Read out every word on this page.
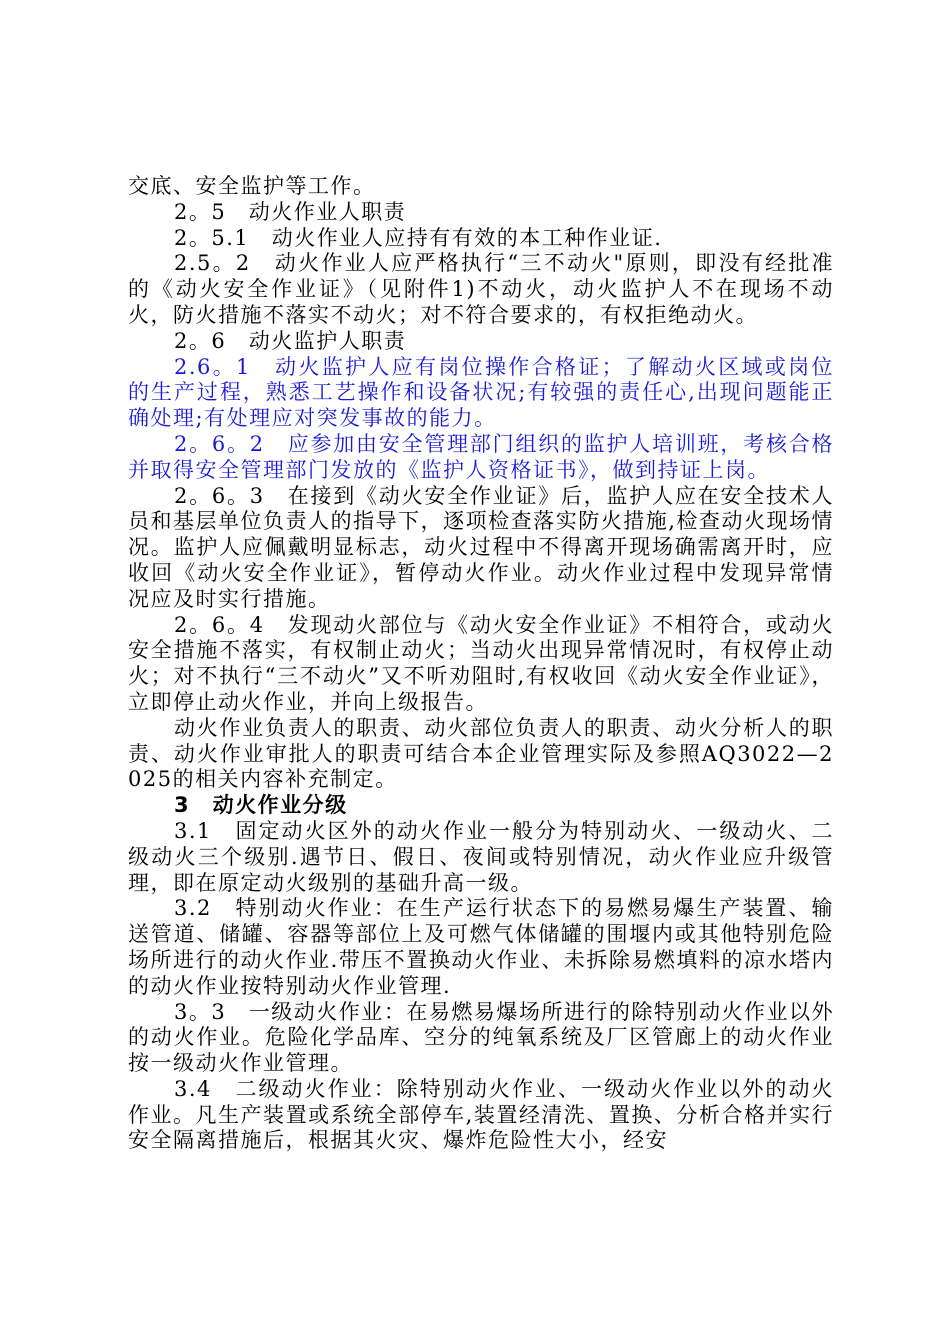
交底、安全监护等工作。

2。5　动火作业人职责

2。5.1　动火作业人应持有有效的本工种作业证.

2.5。2　动火作业人应严格执行“三不动火"原则，即没有经批准的《动火安全作业证》（见附件1)不动火，动火监护人不在现场不动火，防火措施不落实不动火；对不符合要求的，有权拒绝动火。

2。6　动火监护人职责

2.6。1　动火监护人应有岗位操作合格证；了解动火区域或岗位的生产过程，熟悉工艺操作和设备状况;有较强的责任心,出现问题能正确处理;有处理应对突发事故的能力。

2。6。2　应参加由安全管理部门组织的监护人培训班，考核合格并取得安全管理部门发放的《监护人资格证书》，做到持证上岗。

2。6。3　在接到《动火安全作业证》后，监护人应在安全技术人员和基层单位负责人的指导下，逐项检查落实防火措施,检查动火现场情况。监护人应佩戴明显标志，动火过程中不得离开现场确需离开时，应收回《动火安全作业证》，暂停动火作业。动火作业过程中发现异常情况应及时实行措施。

2。6。4　发现动火部位与《动火安全作业证》不相符合，或动火安全措施不落实，有权制止动火；当动火出现异常情况时，有权停止动火；对不执行“三不动火”又不听劝阻时,有权收回《动火安全作业证》，立即停止动火作业，并向上级报告。

动火作业负责人的职责、动火部位负责人的职责、动火分析人的职责、动火作业审批人的职责可结合本企业管理实际及参照AQ3022—2025的相关内容补充制定。

3　动火作业分级

3.1　固定动火区外的动火作业一般分为特别动火、一级动火、二级动火三个级别.遇节日、假日、夜间或特别情况，动火作业应升级管理，即在原定动火级别的基础升高一级。

3.2　特别动火作业：在生产运行状态下的易燃易爆生产装置、输送管道、储罐、容器等部位上及可燃气体储罐的围堰内或其他特别危险场所进行的动火作业.带压不置换动火作业、未拆除易燃填料的凉水塔内的动火作业按特别动火作业管理.

3。3　一级动火作业：在易燃易爆场所进行的除特别动火作业以外的动火作业。危险化学品库、空分的纯氧系统及厂区管廊上的动火作业按一级动火作业管理。

3.4　二级动火作业：除特别动火作业、一级动火作业以外的动火作业。凡生产装置或系统全部停车,装置经清洗、置换、分析合格并实行安全隔离措施后，根据其火灾、爆炸危险性大小，经安
